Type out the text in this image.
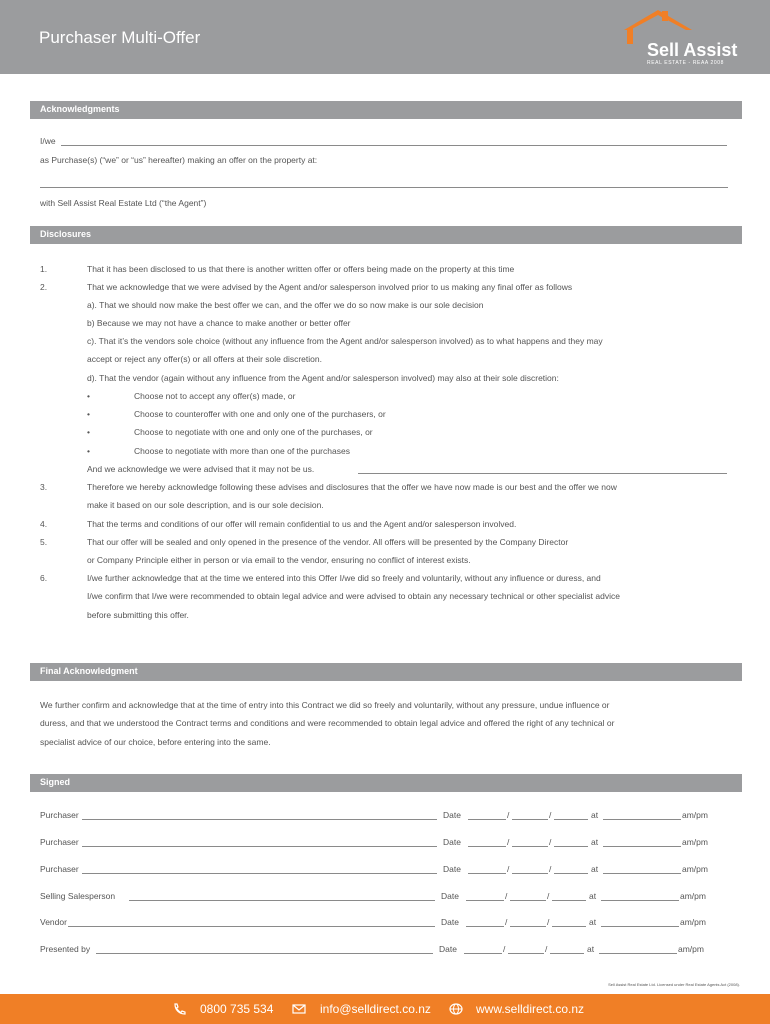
Purchaser Multi-Offer
Sell Assist
REAL ESTATE - REAA 2008
Acknowledgments
I/we
as Purchase(s) (“we” or “us” hereafter) making an offer on the property at:
with Sell Assist Real Estate Ltd (“the Agent”)
Disclosures
1.	That it has been disclosed to us that there is another written offer or offers being made on the property at this time
2.	That we acknowledge that we were advised by the Agent and/or salesperson involved prior to us making any final offer as follows
a). That we should now make the best offer we can, and the offer we do so now make is our sole decision
b) Because we may not have a chance to make another or better offer
c). That it’s the vendors sole choice (without any influence from the Agent and/or salesperson involved) as to what happens and they may
accept or reject any offer(s) or all offers at their sole discretion.
d). That the vendor (again without any influence from the Agent and/or salesperson involved) may also at their sole discretion:
•	Choose not to accept any offer(s) made, or
•	Choose to counteroffer with one and only one of the purchasers, or
•	Choose to negotiate with one and only one of the purchases, or
•	Choose to negotiate with more than one of the purchases
And we acknowledge we were advised that it may not be us.
3.	Therefore we hereby acknowledge following these advises and disclosures that the offer we have now made is our best and the offer we now
make it based on our sole description, and is our sole decision.
4.	That the terms and conditions of our offer will remain confidential to us and the Agent and/or salesperson involved.
5.	That our offer will be sealed and only opened in the presence of the vendor. All offers will be presented by the Company Director
or Company Principle either in person or via email to the vendor, ensuring no conflict of interest exists.
6.	I/we further acknowledge that at the time we entered into this Offer I/we did so freely and voluntarily, without any influence or duress, and
I/we confirm that I/we were recommended to obtain legal advice and were advised to obtain any necessary technical or other specialist advice
before submitting this offer.
Final Acknowledgment
We further confirm and acknowledge that at the time of entry into this Contract we did so freely and voluntarily, without any pressure, undue influence or
duress, and that we understood the Contract terms and conditions and were recommended to obtain legal advice and offered the right of any technical or
specialist advice of our choice, before entering into the same.
Signed
Purchaser	Date	/	/	at	am/pm
Purchaser	Date	/	/	at	am/pm
Purchaser	Date	/	/	at	am/pm
Selling Salesperson	Date	/	/	at	am/pm
Vendor	Date	/	/	at	am/pm
Presented by	Date	/	/	at	am/pm
Sell Assist Real Estate Ltd. Licensed under Real Estate Agents Act (2008).
0800 735 534	info@selldirect.co.nz	www.selldirect.co.nz
